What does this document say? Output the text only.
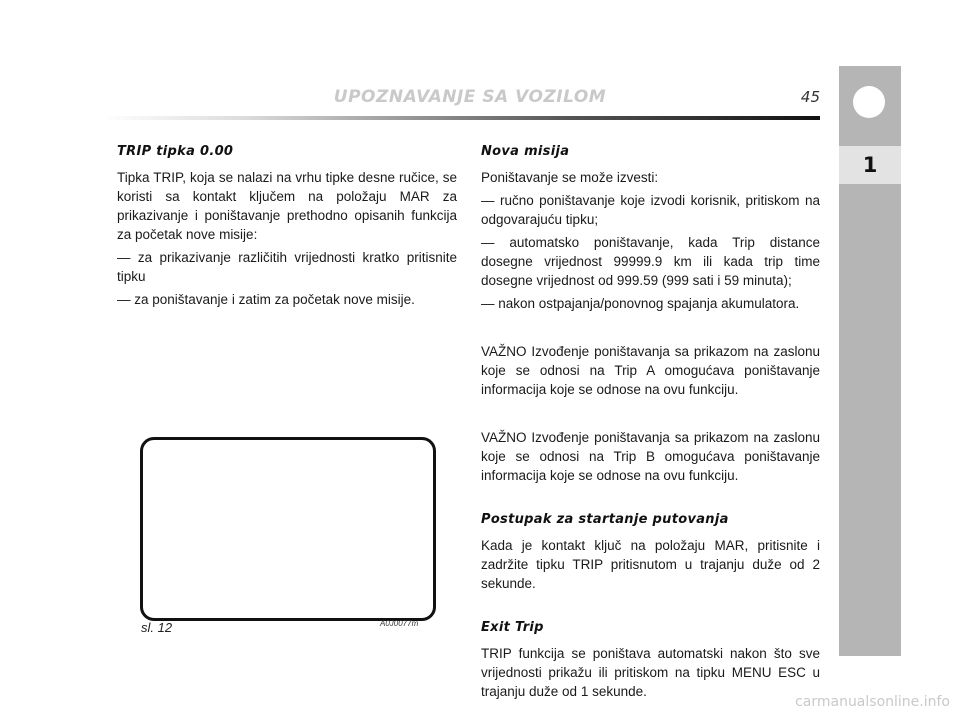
UPOZNAVANJE SA VOZILOM	45
1
TRIP tipka 0.00

Tipka TRIP, koja se nalazi na vrhu tipke desne ručice, se koristi sa kontakt ključem na položaju MAR za prikazivanje i poništavanje prethodno opisanih funkcija za početak nove misije:

— za prikazivanje različitih vrijednosti kratko pritisnite tipku

— za poništavanje i zatim za početak nove misije.

sl. 12	A0J0077m
Nova misija

Poništavanje se može izvesti:

— ručno poništavanje koje izvodi korisnik, pritiskom na odgovarajuću tipku;

— automatsko poništavanje, kada Trip distance dosegne vrijednost 99999.9 km ili kada trip time dosegne vrijednost od 999.59 (999 sati i 59 minuta);

— nakon ostpajanja/ponovnog spajanja akumulatora.

VAŽNO Izvođenje poništavanja sa prikazom na zaslonu koje se odnosi na Trip A omogućava poništavanje informacija koje se odnose na ovu funkciju.

VAŽNO Izvođenje poništavanja sa prikazom na zaslonu koje se odnosi na Trip B omogućava poništavanje informacija koje se odnose na ovu funkciju.

Postupak za startanje putovanja

Kada je kontakt ključ na položaju MAR, pritisnite i zadržite tipku TRIP pritisnutom u trajanju duže od 2 sekunde.

Exit Trip

TRIP funkcija se poništava automatski nakon što sve vrijednosti prikažu ili pritiskom na tipku MENU ESC u trajanju duže od 1 sekunde.

carmanualsonline.info
